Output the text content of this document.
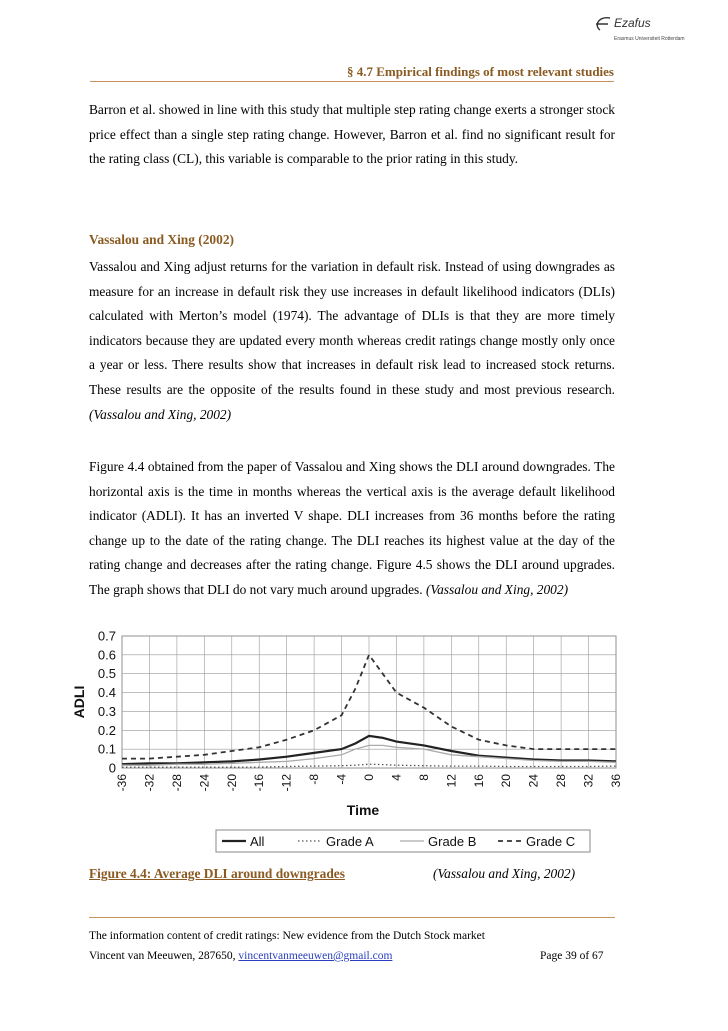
Ezafus
Erasmus Universiteit Rotterdam
§ 4.7 Empirical findings of most relevant studies
Barron et al. showed in line with this study that multiple step rating change exerts a stronger stock price effect than a single step rating change. However, Barron et al. find no significant result for the rating class (CL), this variable is comparable to the prior rating in this study.
Vassalou and Xing (2002)
Vassalou and Xing adjust returns for the variation in default risk. Instead of using downgrades as measure for an increase in default risk they use increases in default likelihood indicators (DLIs) calculated with Merton’s model (1974). The advantage of DLIs is that they are more timely indicators because they are updated every month whereas credit ratings change mostly only once a year or less. There results show that increases in default risk lead to increased stock returns. These results are the opposite of the results found in these study and most previous research. (Vassalou and Xing, 2002)
Figure 4.4 obtained from the paper of Vassalou and Xing shows the DLI around downgrades. The horizontal axis is the time in months whereas the vertical axis is the average default likelihood indicator (ADLI). It has an inverted V shape. DLI increases from 36 months before the rating change up to the date of the rating change. The DLI reaches its highest value at the day of the rating change and decreases after the rating change. Figure 4.5 shows the DLI around upgrades. The graph shows that DLI do not vary much around upgrades. (Vassalou and Xing, 2002)
0
0.1
0.2
0.3
0.4
0.5
0.6
0.7
-36 -32 -28 -24 -20 -16 -12 -8 -4 0 4 8 12 16 20 24 28 32 36
Time
ADLI
All	Grade A	Grade B	Grade C
Figure 4.4: Average DLI around downgrades	(Vassalou and Xing, 2002)
The information content of credit ratings: New evidence from the Dutch Stock market
Vincent van Meeuwen, 287650, vincentvanmeeuwen@gmail.com	Page 39 of 67
